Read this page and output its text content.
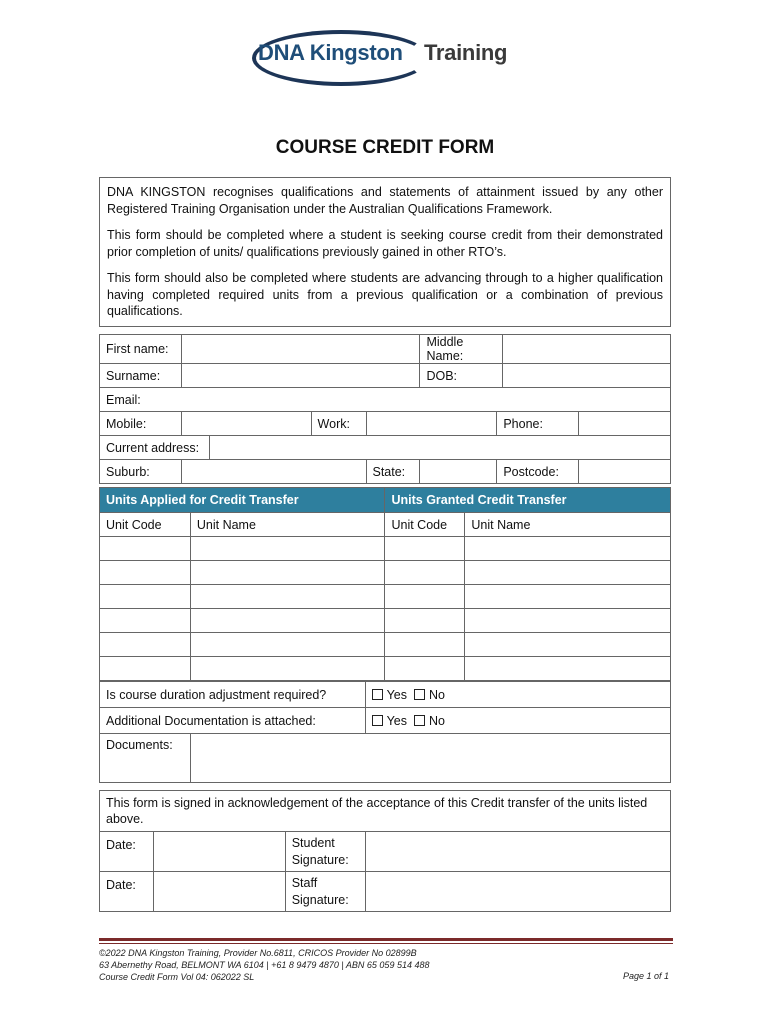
DNA Kingston Training
COURSE CREDIT FORM

DNA KINGSTON recognises qualifications and statements of attainment issued by any other Registered Training Organisation under the Australian Qualifications Framework.

This form should be completed where a student is seeking course credit from their demonstrated prior completion of units/ qualifications previously gained in other RTO’s.

This form should also be completed where students are advancing through to a higher qualification having completed required units from a previous qualification or a combination of previous qualifications.

First name:					Middle Name:			
Surname:					DOB:			
Email:								
Mobile:			Work:			Phone:		
Current address:								
Suburb:				State:		Postcode:		
Units Applied for Credit Transfer		Units Granted Credit Transfer	
Unit Code	Unit Name	Unit Code	Unit Name

Is course duration adjustment required?		Yes No
Additional Documentation is attached:		Yes No
Documents:		
This form is signed in acknowledgement of the acceptance of this Credit transfer of the units listed above.			
Date:		Student Signature:	
Date:		Staff Signature:	
©2022 DNA Kingston Training, Provider No.6811, CRICOS Provider No 02899B
63 Abernethy Road, BELMONT WA 6104 | +61 8 9479 4870 | ABN 65 059 514 488
Course Credit Form Vol 04: 062022 SL	Page 1 of 1
